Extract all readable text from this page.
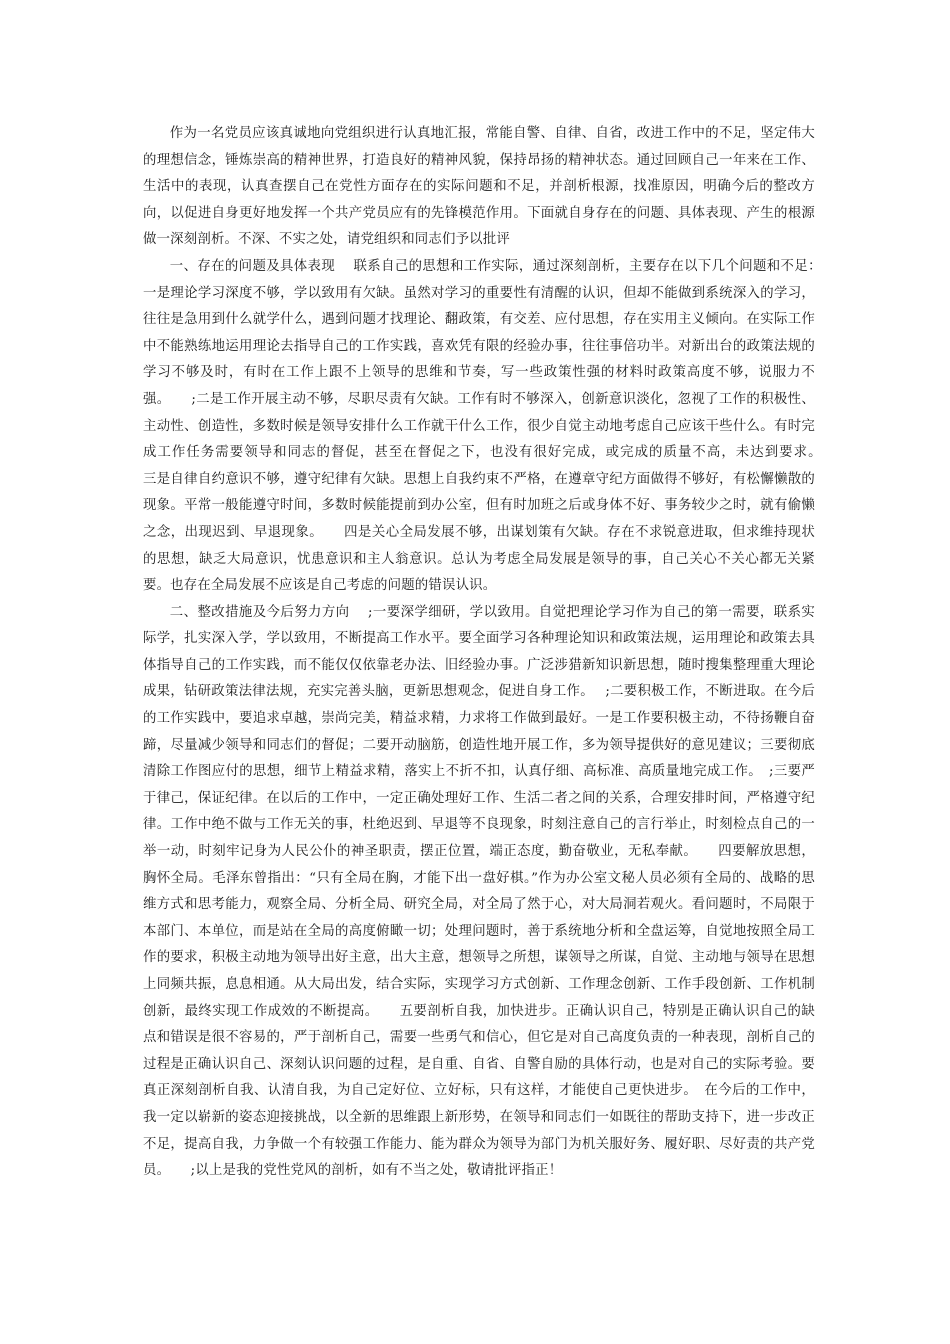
作为一名党员应该真诚地向党组织进行认真地汇报，常能自警、自律、自省，改进工作中的不足，坚定伟大的理想信念，锤炼崇高的精神世界，打造良好的精神风貌，保持昂扬的精神状态。通过回顾自己一年来在工作、生活中的表现，认真查摆自己在党性方面存在的实际问题和不足，并剖析根源，找准原因，明确今后的整改方向，以促进自身更好地发挥一个共产党员应有的先锋模范作用。下面就自身存在的问题、具体表现、产生的根源做一深刻剖析。不深、不实之处，请党组织和同志们予以批评

一、存在的问题及具体表现　 联系自己的思想和工作实际，通过深刻剖析，主要存在以下几个问题和不足：　　一是理论学习深度不够，学以致用有欠缺。虽然对学习的重要性有清醒的认识，但却不能做到系统深入的学习，往往是急用到什么就学什么，遇到问题才找理论、翻政策，有交差、应付思想，存在实用主义倾向。在实际工作中不能熟练地运用理论去指导自己的工作实践，喜欢凭有限的经验办事，往往事倍功半。对新出台的政策法规的学习不够及时，有时在工作上跟不上领导的思维和节奏，写一些政策性强的材料时政策高度不够，说服力不强。　　;二是工作开展主动不够，尽职尽责有欠缺。工作有时不够深入，创新意识淡化，忽视了工作的积极性、主动性、创造性，多数时候是领导安排什么工作就干什么工作，很少自觉主动地考虑自己应该干些什么。有时完成工作任务需要领导和同志的督促，甚至在督促之下，也没有很好完成，或完成的质量不高，未达到要求。　　三是自律自约意识不够，遵守纪律有欠缺。思想上自我约束不严格，在遵章守纪方面做得不够好，有松懈懒散的现象。平常一般能遵守时间，多数时候能提前到办公室，但有时加班之后或身体不好、事务较少之时，就有偷懒之念，出现迟到、早退现象。　　四是关心全局发展不够，出谋划策有欠缺。存在不求锐意进取，但求维持现状的思想，缺乏大局意识，忧患意识和主人翁意识。总认为考虑全局发展是领导的事，自己关心不关心都无关紧要。也存在全局发展不应该是自己考虑的问题的错误认识。

二、整改措施及今后努力方向　 ;一要深学细研，学以致用。自觉把理论学习作为自己的第一需要，联系实际学，扎实深入学，学以致用，不断提高工作水平。要全面学习各种理论知识和政策法规，运用理论和政策去具体指导自己的工作实践，而不能仅仅依靠老办法、旧经验办事。广泛涉猎新知识新思想，随时搜集整理重大理论成果，钻研政策法律法规，充实完善头脑，更新思想观念，促进自身工作。　 ;二要积极工作，不断进取。在今后的工作实践中，要追求卓越，崇尚完美，精益求精，力求将工作做到最好。一是工作要积极主动，不待扬鞭自奋蹄，尽量减少领导和同志们的督促；二要开动脑筋，创造性地开展工作，多为领导提供好的意见建议；三要彻底清除工作图应付的思想，细节上精益求精，落实上不折不扣，认真仔细、高标准、高质量地完成工作。　;三要严于律己，保证纪律。在以后的工作中，一定正确处理好工作、生活二者之间的关系，合理安排时间，严格遵守纪律。工作中绝不做与工作无关的事，杜绝迟到、早退等不良现象，时刻注意自己的言行举止，时刻检点自己的一举一动，时刻牢记身为人民公仆的神圣职责，摆正位置，端正态度，勤奋敬业，无私奉献。　　四要解放思想，胸怀全局。毛泽东曾指出：“只有全局在胸，才能下出一盘好棋。”作为办公室文秘人员必须有全局的、战略的思维方式和思考能力，观察全局、分析全局、研究全局，对全局了然于心，对大局洞若观火。看问题时，不局限于本部门、本单位，而是站在全局的高度俯瞰一切；处理问题时，善于系统地分析和全盘运筹，自觉地按照全局工作的要求，积极主动地为领导出好主意，出大主意，想领导之所想，谋领导之所谋，自觉、主动地与领导在思想上同频共振，息息相通。从大局出发，结合实际，实现学习方式创新、工作理念创新、工作手段创新、工作机制创新，最终实现工作成效的不断提高。　　五要剖析自我，加快进步。正确认识自己，特别是正确认识自己的缺点和错误是很不容易的，严于剖析自己，需要一些勇气和信心，但它是对自己高度负责的一种表现，剖析自己的过程是正确认识自己、深刻认识问题的过程，是自重、自省、自警自励的具体行动，也是对自己的实际考验。要真正深刻剖析自我、认清自我，为自己定好位、立好标，只有这样，才能使自己更快进步。　在今后的工作中，我一定以崭新的姿态迎接挑战，以全新的思维跟上新形势，在领导和同志们一如既往的帮助支持下，进一步改正不足，提高自我，力争做一个有较强工作能力、能为群众为领导为部门为机关服好务、履好职、尽好责的共产党员。　　;以上是我的党性党风的剖析，如有不当之处，敬请批评指正！
